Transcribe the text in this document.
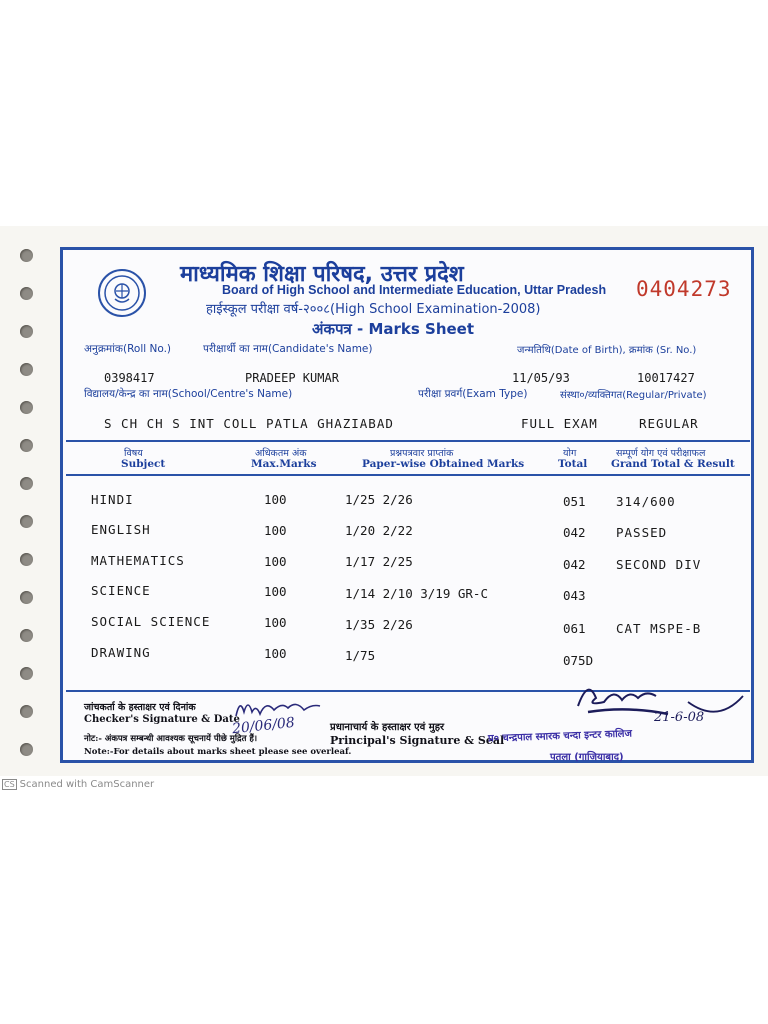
माध्यमिक शिक्षा परिषद, उत्तर प्रदेश
Board of High School and Intermediate Education, Uttar Pradesh
हाईस्कूल परीक्षा वर्ष-२००८(High School Examination-2008)
अंकपत्र - Marks Sheet
0404273
अनुक्रमांक(Roll No.)	परीक्षार्थी का नाम(Candidate's Name)	जन्मतिथि(Date of Birth), क्रमांक (Sr. No.)
0398417	PRADEEP KUMAR	11/05/93	10017427
विद्यालय/केन्द्र का नाम(School/Centre's Name)	परीक्षा प्रवर्ग(Exam Type)	संस्था०/व्यक्तिगत(Regular/Private)
S CH CH S INT COLL PATLA GHAZIABAD	FULL EXAM	REGULAR
विषय
Subject
अधिकतम अंक
Max.Marks
प्रश्नपत्रवार प्राप्तांक
Paper-wise Obtained Marks
योग
Total
सम्पूर्ण योग एवं परीक्षाफल
Grand Total & Result
HINDI	100	1/25 2/26	051 314/600
ENGLISH	100	1/20 2/22	042 PASSED
MATHEMATICS	100	1/17 2/25	042 SECOND DIV
SCIENCE	100	1/14 2/10 3/19 GR-C	043
SOCIAL SCIENCE	100	1/35 2/26	061 CAT MSPE-B
DRAWING	100	1/75	075D
जांचकर्ता के हस्ताक्षर एवं दिनांक
Checker's Signature & Date
नोट:- अंकपत्र सम्बन्धी आवश्यक सूचनायें पीछे मुद्रित हैं।
Note:-For details about marks sheet please see overleaf.
20/06/08	प्रधानाचार्य के हस्ताक्षर एवं मुहर
Principal's Signature & Seal
प्र० चन्द्रपाल स्मारक चन्दा इन्टर कालिज
पतला (गाजियाबाद)
21-6-08
CS Scanned with CamScanner
